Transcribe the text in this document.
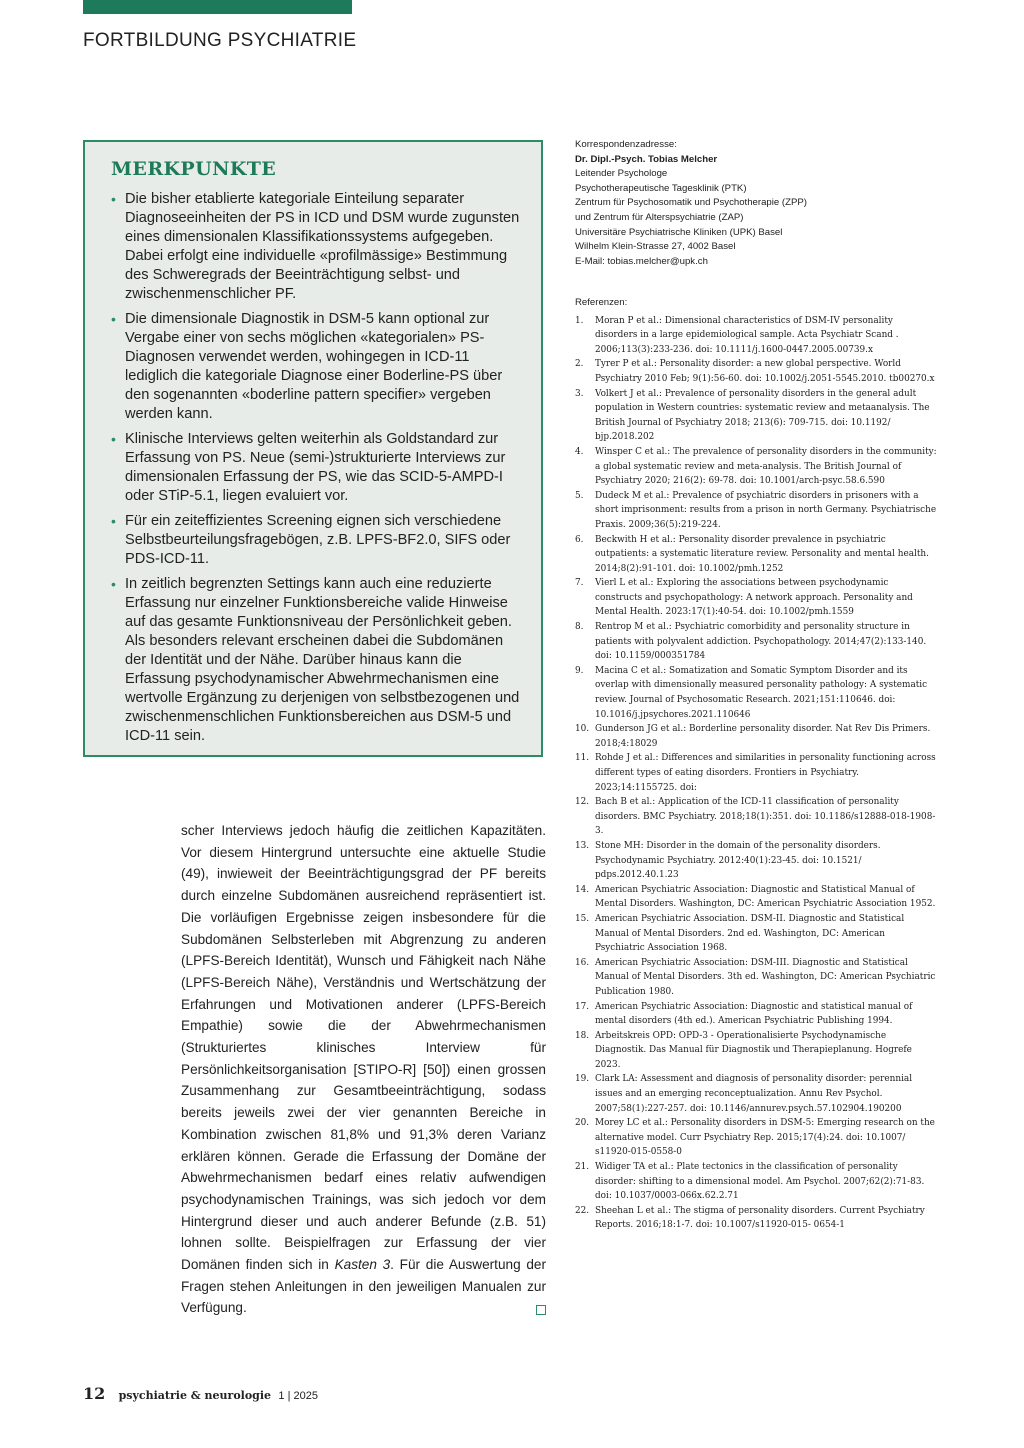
FORTBILDUNG PSYCHIATRIE
MERKPUNKTE
• Die bisher etablierte kategoriale Einteilung separater Diagnoseeinheiten der PS in ICD und DSM wurde zugunsten eines dimensionalen Klassifikationssystems aufgegeben. Dabei erfolgt eine individuelle «profilmässige» Bestimmung des Schweregrads der Beeinträchtigung selbst- und zwischenmenschlicher PF.
• Die dimensionale Diagnostik in DSM-5 kann optional zur Vergabe einer von sechs möglichen «kategorialen» PS-Diagnosen verwendet werden, wohingegen in ICD-11 lediglich die kategoriale Diagnose einer Boderline-PS über den sogenannten «boderline pattern specifier» vergeben werden kann.
• Klinische Interviews gelten weiterhin als Goldstandard zur Erfassung von PS. Neue (semi-)strukturierte Interviews zur dimensionalen Erfassung der PS, wie das SCID-5-AMPD-I oder STiP-5.1, liegen evaluiert vor.
• Für ein zeiteffizientes Screening eignen sich verschiedene Selbstbeurteilungsfragebögen, z.B. LPFS-BF2.0, SIFS oder PDS-ICD-11.
• In zeitlich begrenzten Settings kann auch eine reduzierte Erfassung nur einzelner Funktionsbereiche valide Hinweise auf das gesamte Funktionsniveau der Persönlichkeit geben. Als besonders relevant erscheinen dabei die Subdomänen der Identität und der Nähe. Darüber hinaus kann die Erfassung psychodynamischer Abwehrmechanismen eine wertvolle Ergänzung zu derjenigen von selbstbezogenen und zwischenmenschlichen Funktionsbereichen aus DSM-5 und ICD-11 sein.
scher Interviews jedoch häufig die zeitlichen Kapazitäten. Vor diesem Hintergrund untersuchte eine aktuelle Studie (49), inwieweit der Beeinträchtigungsgrad der PF bereits durch einzelne Subdomänen ausreichend repräsentiert ist. Die vorläufigen Ergebnisse zeigen insbesondere für die Subdomänen Selbsterleben mit Abgrenzung zu anderen (LPFS-Bereich Identität), Wunsch und Fähigkeit nach Nähe (LPFS-Bereich Nähe), Verständnis und Wertschätzung der Erfahrungen und Motivationen anderer (LPFS-Bereich Empathie) sowie die der Abwehrmechanismen (Strukturiertes klinisches Interview für Persönlichkeitsorganisation [STIPO-R] [50]) einen grossen Zusammenhang zur Gesamtbeeinträchtigung, sodass bereits jeweils zwei der vier genannten Bereiche in Kombination zwischen 81,8% und 91,3% deren Varianz erklären können. Gerade die Erfassung der Domäne der Abwehrmechanismen bedarf eines relativ aufwendigen psychodynamischen Trainings, was sich jedoch vor dem Hintergrund dieser und auch anderer Befunde (z.B. 51) lohnen sollte. Beispielfragen zur Erfassung der vier Domänen finden sich in Kasten 3. Für die Auswertung der Fragen stehen Anleitungen in den jeweiligen Manualen zur Verfügung.
Korrespondenzadresse:
Dr. Dipl.-Psych. Tobias Melcher
Leitender Psychologe
Psychotherapeutische Tagesklinik (PTK)
Zentrum für Psychosomatik und Psychotherapie (ZPP)
und Zentrum für Alterspsychiatrie (ZAP)
Universitäre Psychiatrische Kliniken (UPK) Basel
Wilhelm Klein-Strasse 27, 4002 Basel
E-Mail: tobias.melcher@upk.ch
Referenzen:
1. Moran P et al.: Dimensional characteristics of DSM-IV personality disorders in a large epidemiological sample. Acta Psychiatr Scand . 2006;113(3):233-236. doi: 10.1111/j.1600-0447.2005.00739.x
2. Tyrer P et al.: Personality disorder: a new global perspective. World Psychiatry 2010 Feb; 9(1):56-60. doi: 10.1002/j.2051-5545.2010. tb00270.x
3. Volkert J et al.: Prevalence of personality disorders in the general adult population in Western countries: systematic review and metaanalysis. The British Journal of Psychiatry 2018; 213(6): 709-715. doi: 10.1192/ bjp.2018.202
4. Winsper C et al.: The prevalence of personality disorders in the community: a global systematic review and meta-analysis. The British Journal of Psychiatry 2020; 216(2): 69-78. doi: 10.1001/arch-psyc.58.6.590
5. Dudeck M et al.: Prevalence of psychiatric disorders in prisoners with a short imprisonment: results from a prison in north Germany. Psychiatrische Praxis. 2009;36(5):219-224.
6. Beckwith H et al.: Personality disorder prevalence in psychiatric outpatients: a systematic literature review. Personality and mental health. 2014;8(2):91-101. doi: 10.1002/pmh.1252
7. Vierl L et al.: Exploring the associations between psychodynamic constructs and psychopathology: A network approach. Personality and Mental Health. 2023:17(1):40-54. doi: 10.1002/pmh.1559
8. Rentrop M et al.: Psychiatric comorbidity and personality structure in patients with polyvalent addiction. Psychopathology. 2014;47(2):133-140. doi: 10.1159/000351784
9. Macina C et al.: Somatization and Somatic Symptom Disorder and its overlap with dimensionally measured personality pathology: A systematic review. Journal of Psychosomatic Research. 2021;151:110646. doi: 10.1016/j.jpsychores.2021.110646
10. Gunderson JG et al.: Borderline personality disorder. Nat Rev Dis Primers. 2018;4:18029
11. Rohde J et al.: Differences and similarities in personality functioning across different types of eating disorders. Frontiers in Psychiatry. 2023;14:1155725. doi:
12. Bach B et al.: Application of the ICD-11 classification of personality disorders. BMC Psychiatry. 2018;18(1):351. doi: 10.1186/s12888-018-1908-3.
13. Stone MH: Disorder in the domain of the personality disorders. Psychodynamic Psychiatry. 2012:40(1):23-45. doi: 10.1521/ pdps.2012.40.1.23
14. American Psychiatric Association: Diagnostic and Statistical Manual of Mental Disorders. Washington, DC: American Psychiatric Association 1952.
15. American Psychiatric Association. DSM-II. Diagnostic and Statistical Manual of Mental Disorders. 2nd ed. Washington, DC: American Psychiatric Association 1968.
16. American Psychiatric Association: DSM-III. Diagnostic and Statistical Manual of Mental Disorders. 3th ed. Washington, DC: American Psychiatric Publication 1980.
17. American Psychiatric Association: Diagnostic and statistical manual of mental disorders (4th ed.). American Psychiatric Publishing 1994.
18. Arbeitskreis OPD: OPD-3 - Operationalisierte Psychodynamische Diagnostik. Das Manual für Diagnostik und Therapieplanung. Hogrefe 2023.
19. Clark LA: Assessment and diagnosis of personality disorder: perennial issues and an emerging reconceptualization. Annu Rev Psychol. 2007;58(1):227-257. doi: 10.1146/annurev.psych.57.102904.190200
20. Morey LC et al.: Personality disorders in DSM-5: Emerging research on the alternative model. Curr Psychiatry Rep. 2015;17(4):24. doi: 10.1007/ s11920-015-0558-0
21. Widiger TA et al.: Plate tectonics in the classification of personality disorder: shifting to a dimensional model. Am Psychol. 2007;62(2):71-83. doi: 10.1037/0003-066x.62.2.71
22. Sheehan L et al.: The stigma of personality disorders. Current Psychiatry Reports. 2016;18:1-7. doi: 10.1007/s11920-015- 0654-1
12 psychiatrie & neurologie 1 | 2025
